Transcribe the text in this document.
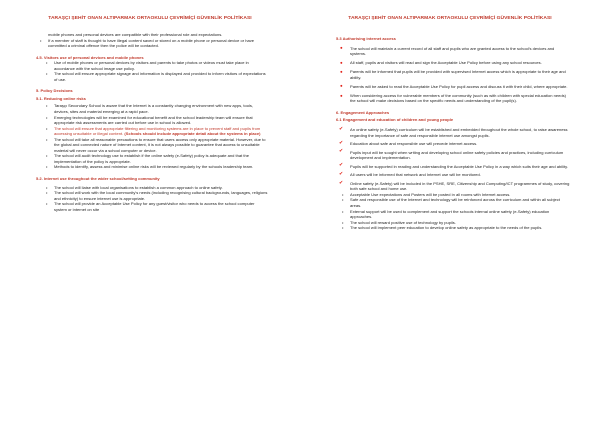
TARAŞÇI ŞEHİT ONAN ALTIPARMAK ORTAOKULU ÇEVRİMİÇİ GÜVENLİK POLİTİKASI
mobile phones and personal devices are compatible with their professional role and expectations.
• If a member of staff is thought to have illegal content saved or stored on a mobile phone or personal device or have committed a criminal offence then the police will be contacted.
4.5. Visitors use of personal devices and mobile phones
• Use of mobile phones or personal devices by visitors and parents to take photos or videos must take place in accordance with the school image use policy.
• The school will ensure appropriate signage and information is displayed and provided to inform visitors of expectations of use.
5. Policy Decisions
5.1. Reducing online risks
• Taraşçı Secondary School is aware that the Internet is a constantly changing environment with new apps, tools, devices, sites and material emerging at a rapid pace.
• Emerging technologies will be examined for educational benefit and the school leadership team will ensure that appropriate risk assessments are carried out before use in school is allowed.
• The school will ensure that appropriate filtering and monitoring systems are in place to prevent staff and pupils from accessing unsuitable or illegal content. (Schools should include appropriate detail about the systems in place)
• The school will take all reasonable precautions to ensure that users access only appropriate material. However, due to the global and connected nature of Internet content, it is not always possible to guarantee that access to unsuitable material will never occur via a school computer or device.
• The school will audit technology use to establish if the online safety (e-Safety) policy is adequate and that the implementation of the policy is appropriate.
• Methods to identify, assess and minimise online risks will be reviewed regularly by the schools leadership team.
5.2. Internet use throughout the wider school/setting community
• The school will liaise with local organisations to establish a common approach to online safety.
• The school will work with the local community's needs (including recognising cultural backgrounds, languages, religions and ethnicity) to ensure internet use is appropriate.
• The school will provide an Acceptable Use Policy for any guest/visitor who needs to access the school computer system or internet on site
TARAŞÇI ŞEHİT ONAN ALTIPARMAK ORTAOKULU ÇEVRİMİÇİ GÜVENLİK POLİTİKASI
5.3 Authorising internet access
● The school will maintain a current record of all staff and pupils who are granted access to the school's devices and systems.
● All staff, pupils and visitors will read and sign the Acceptable Use Policy before using any school resources.
● Parents will be informed that pupils will be provided with supervised Internet access which is appropriate to their age and ability.
● Parents will be asked to read the Acceptable Use Policy for pupil access and discuss it with their child, where appropriate.
● When considering access for vulnerable members of the community (such as with children with special education needs) the school will make decisions based on the specific needs and understanding of the pupil(s).
6. Engagement Approaches
6.1 Engagement and education of children and young people
✔ An online safety (e-Safety) curriculum will be established and embedded throughout the whole school, to raise awareness regarding the importance of safe and responsible internet use amongst pupils.
✔ Education about safe and responsible use will precede internet access.
✔ Pupils input will be sought when writing and developing school online safety policies and practices, including curriculum development and implementation.
✔ Pupils will be supported in reading and understanding the Acceptable Use Policy in a way which suits their age and ability.
✔ All users will be informed that network and Internet use will be monitored.
✔ Online safety (e-Safety) will be included in the PSHE, SRE, Citizenship and Computing/ICT programmes of study, covering both safe school and home use.
• Acceptable Use expectations and Posters will be posted in all rooms with Internet access.
• Safe and responsible use of the Internet and technology will be reinforced across the curriculum and within all subject areas.
• External support will be used to complement and support the schools internal online safety (e-Safety) education approaches.
• The school will reward positive use of technology by pupils.
• The school will implement peer education to develop online safety as appropriate to the needs of the pupils.
